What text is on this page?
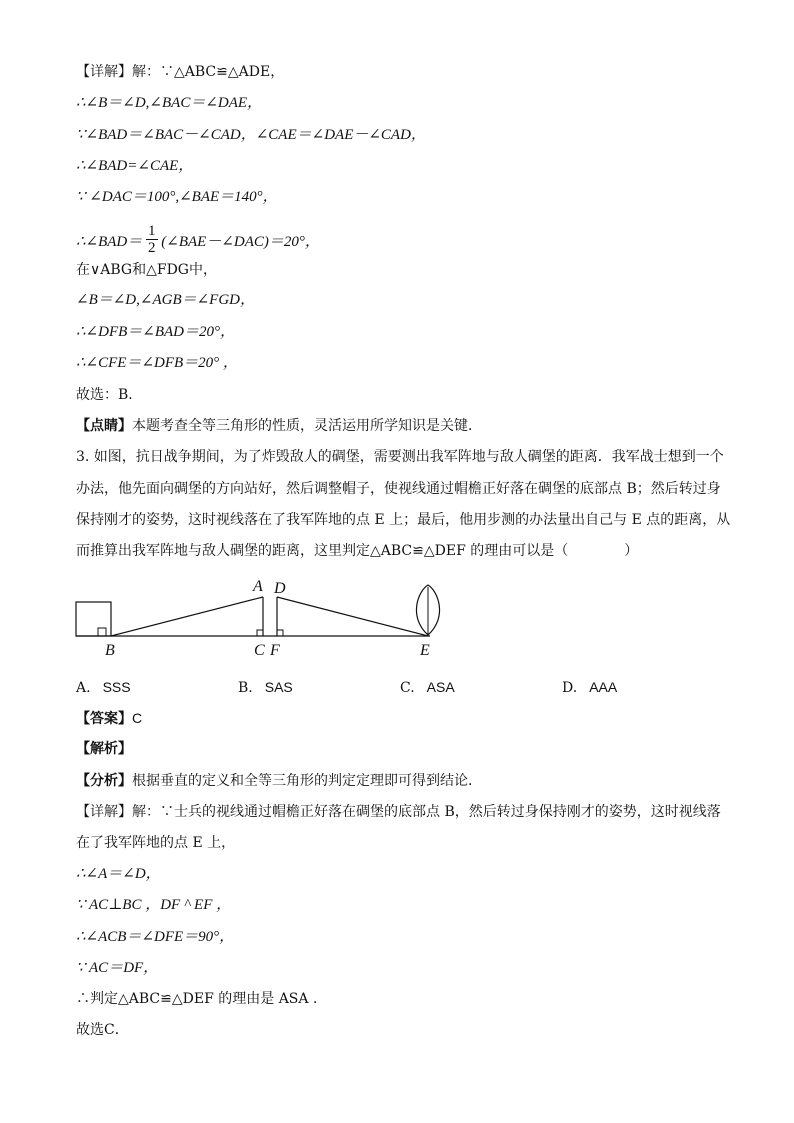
【详解】解：∵△ABC≌△ADE，
∴∠B＝∠D,∠BAC＝∠DAE，
∵∠BAD＝∠BAC－∠CAD，∠CAE＝∠DAE－∠CAD，
∴∠BAD=∠CAE，
∵ ∠DAC＝100°,∠BAE＝140°，
∴∠BAD＝ $\frac{1}{2}$ (∠BAE－∠DAC)＝20°，
在∨ABG和△FDG中，
∠B＝∠D,∠AGB＝∠FGD，
∴∠DFB＝∠BAD＝20°，
∴∠CFE＝∠DFB＝20° ，
故选：B．
【点睛】本题考查全等三角形的性质，灵活运用所学知识是关键．
3. 如图，抗日战争期间，为了炸毁敌人的碉堡，需要测出我军阵地与敌人碉堡的距离．我军战士想到一个
办法，他先面向碉堡的方向站好，然后调整帽子，使视线通过帽檐正好落在碉堡的底部点 B；然后转过身
保持刚才的姿势，这时视线落在了我军阵地的点 E 上；最后，他用步测的办法量出自己与 E 点的距离，从
而推算出我军阵地与敌人碉堡的距离，这里判定△ABC≌△DEF 的理由可以是（　　　　）
A D
B	C F	E
A. SSS	B. SAS	C. ASA	D. AAA
【答案】C
【解析】
【分析】根据垂直的定义和全等三角形的判定定理即可得到结论．
【详解】解：∵士兵的视线通过帽檐正好落在碉堡的底部点 B，然后转过身保持刚才的姿势，这时视线落
在了我军阵地的点 E 上，
∴∠A＝∠D，
∵ AC⊥BC ，DF ^ EF ，
∴∠ACB＝∠DFE＝90°，
∵ AC＝DF，
∴判定△ABC≌△DEF 的理由是 ASA ．
故选C．
